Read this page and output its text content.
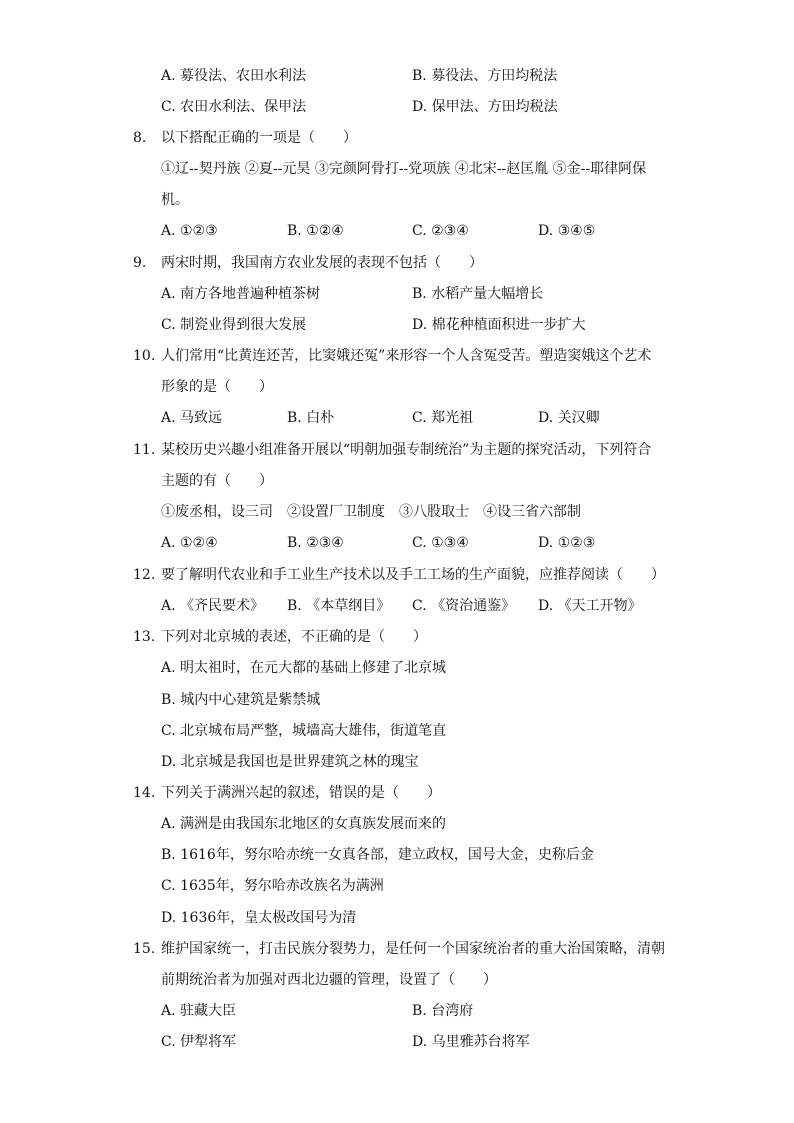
A. 募役法、农田水利法	B. 募役法、方田均税法
C. 农田水利法、保甲法	D. 保甲法、方田均税法
8. 以下搭配正确的一项是（　　）
①辽--契丹族 ②夏--元昊 ③完颜阿骨打--党项族 ④北宋--赵匡胤 ⑤金--耶律阿保
机。
A. ①②③	B. ①②④	C. ②③④	D. ③④⑤
9. 两宋时期，我国南方农业发展的表现不包括（　　）
A. 南方各地普遍种植茶树	B. 水稻产量大幅增长
C. 制瓷业得到很大发展	D. 棉花种植面积进一步扩大
10. 人们常用“比黄连还苦，比窦娥还冤”来形容一个人含冤受苦。塑造窦娥这个艺术
形象的是（　　）
A. 马致远	B. 白朴	C. 郑光祖	D. 关汉卿
11. 某校历史兴趣小组准备开展以“明朝加强专制统治”为主题的探究活动，下列符合
主题的有（　　）
①废丞相，设三司　②设置厂卫制度　③八股取士　④设三省六部制
A. ①②④	B. ②③④	C. ①③④	D. ①②③
12. 要了解明代农业和手工业生产技术以及手工工场的生产面貌，应推荐阅读（　　）
A. 《齐民要术》 B. 《本草纲目》 C. 《资治通鉴》 D. 《天工开物》
13. 下列对北京城的表述，不正确的是（　　）
A. 明太祖时，在元大都的基础上修建了北京城
B. 城内中心建筑是紫禁城
C. 北京城布局严整，城墙高大雄伟，街道笔直
D. 北京城是我国也是世界建筑之林的瑰宝
14. 下列关于满洲兴起的叙述，错误的是（　　）
A. 满洲是由我国东北地区的女真族发展而来的
B. 1616年，努尔哈赤统一女真各部，建立政权，国号大金，史称后金
C. 1635年，努尔哈赤改族名为满洲
D. 1636年，皇太极改国号为清
15. 维护国家统一，打击民族分裂势力，是任何一个国家统治者的重大治国策略，清朝
前期统治者为加强对西北边疆的管理，设置了（　　）
A. 驻藏大臣	B. 台湾府
C. 伊犁将军	D. 乌里雅苏台将军
